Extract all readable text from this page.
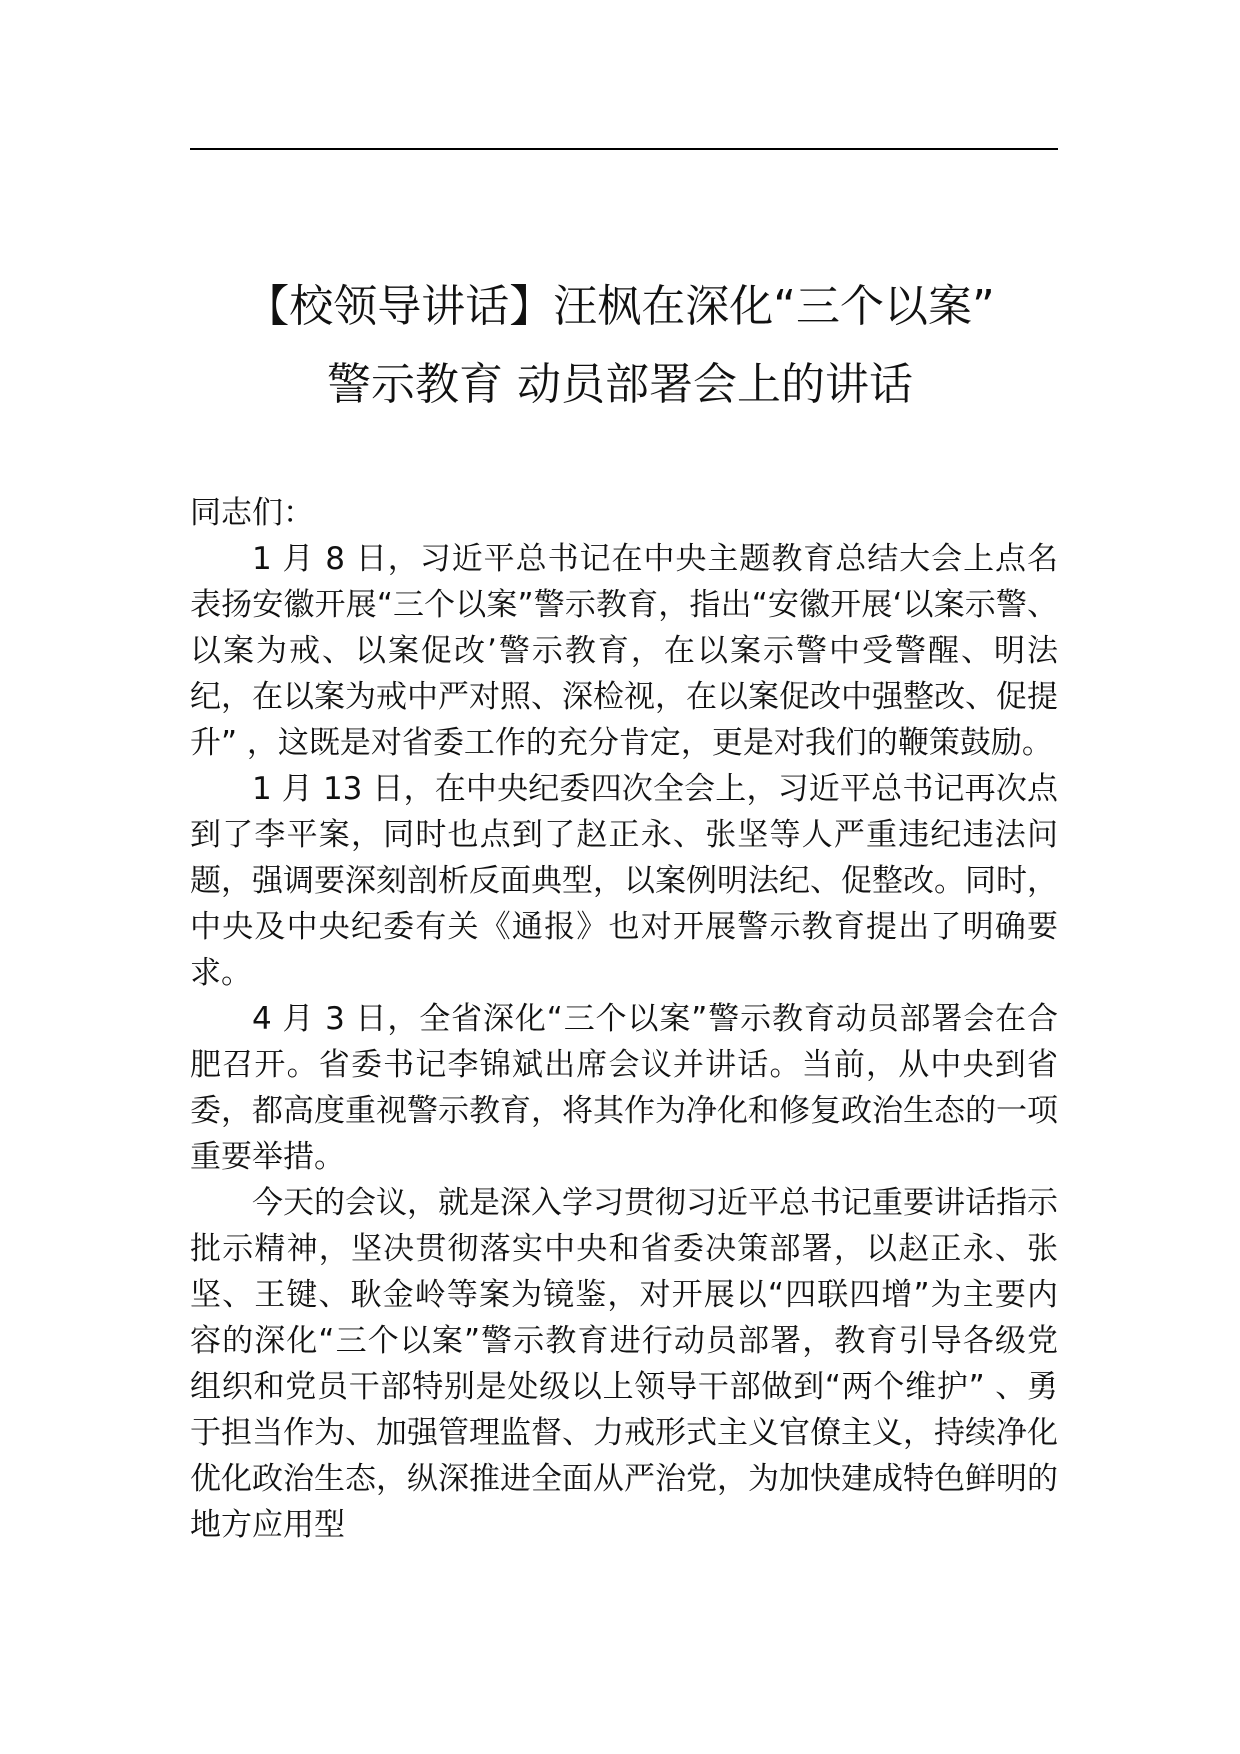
【校领导讲话】汪枫在深化“三个以案”
警示教育 动员部署会上的讲话

同志们：

1 月 8 日，习近平总书记在中央主题教育总结大会上点名表扬安徽开展“三个以案”警示教育，指出“安徽开展‘以案示警、以案为戒、以案促改’警示教育，在以案示警中受警醒、明法纪，在以案为戒中严对照、深检视，在以案促改中强整改、促提升” ，这既是对省委工作的充分肯定，更是对我们的鞭策鼓励。

1 月 13 日，在中央纪委四次全会上，习近平总书记再次点到了李平案，同时也点到了赵正永、张坚等人严重违纪违法问题，强调要深刻剖析反面典型，以案例明法纪、促整改。同时，中央及中央纪委有关《通报》也对开展警示教育提出了明确要求。

4 月 3 日，全省深化“三个以案”警示教育动员部署会在合肥召开。省委书记李锦斌出席会议并讲话。当前，从中央到省委，都高度重视警示教育，将其作为净化和修复政治生态的一项重要举措。

今天的会议，就是深入学习贯彻习近平总书记重要讲话指示批示精神，坚决贯彻落实中央和省委决策部署，以赵正永、张坚、王键、耿金岭等案为镜鉴，对开展以“四联四增”为主要内容的深化“三个以案”警示教育进行动员部署，教育引导各级党组织和党员干部特别是处级以上领导干部做到“两个维护” 、勇于担当作为、加强管理监督、力戒形式主义官僚主义，持续净化优化政治生态，纵深推进全面从严治党，为加快建成特色鲜明的地方应用型
